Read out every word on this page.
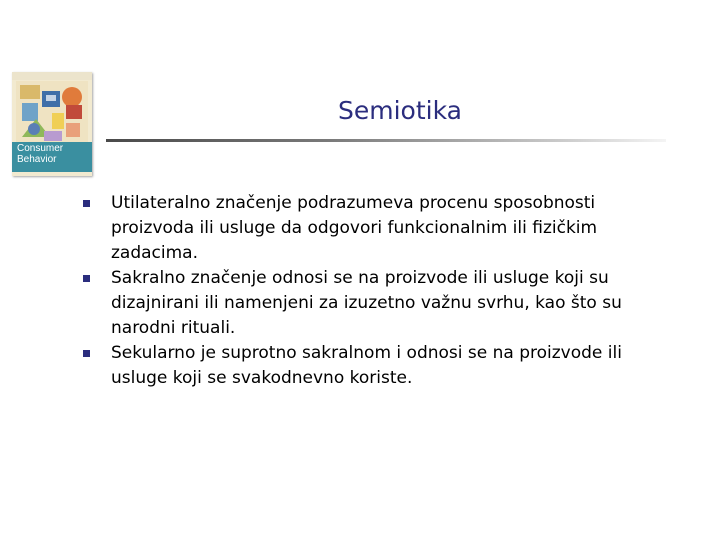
Consumer
Behavior
Semiotika
Utilateralno značenje podrazumeva procenu sposobnosti proizvoda ili usluge da odgovori funkcionalnim ili fizičkim zadacima.
Sakralno značenje odnosi se na proizvode ili usluge koji su dizajnirani ili namenjeni za izuzetno važnu svrhu, kao što su narodni rituali.
Sekularno je suprotno sakralnom i odnosi se na proizvode ili usluge koji se svakodnevno koriste.
